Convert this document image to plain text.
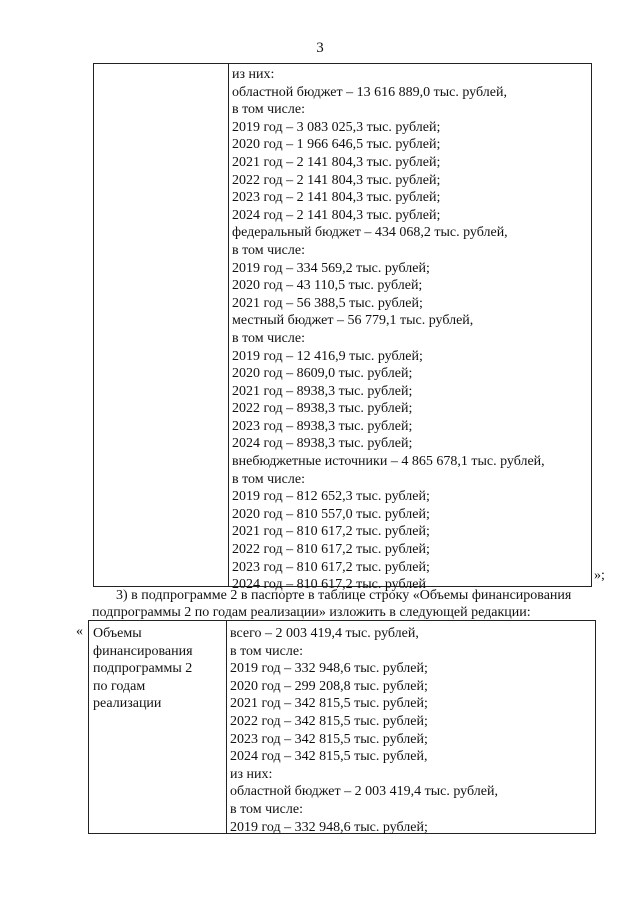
3
из них:
областной бюджет – 13 616 889,0 тыс. рублей,
в том числе:
2019 год – 3 083 025,3 тыс. рублей;
2020 год – 1 966 646,5 тыс. рублей;
2021 год – 2 141 804,3 тыс. рублей;
2022 год – 2 141 804,3 тыс. рублей;
2023 год – 2 141 804,3 тыс. рублей;
2024 год – 2 141 804,3 тыс. рублей;
федеральный бюджет – 434 068,2 тыс. рублей,
в том числе:
2019 год – 334 569,2 тыс. рублей;
2020 год – 43 110,5 тыс. рублей;
2021 год – 56 388,5 тыс. рублей;
местный бюджет – 56 779,1 тыс. рублей,
в том числе:
2019 год – 12 416,9 тыс. рублей;
2020 год – 8609,0 тыс. рублей;
2021 год – 8938,3 тыс. рублей;
2022 год – 8938,3 тыс. рублей;
2023 год – 8938,3 тыс. рублей;
2024 год – 8938,3 тыс. рублей;
внебюджетные источники – 4 865 678,1 тыс. рублей,
в том числе:
2019 год – 812 652,3 тыс. рублей;
2020 год – 810 557,0 тыс. рублей;
2021 год – 810 617,2 тыс. рублей;
2022 год – 810 617,2 тыс. рублей;
2023 год – 810 617,2 тыс. рублей;
2024 год – 810 617,2 тыс. рублей
»;
3) в подпрограмме 2 в паспорте в таблице строку «Объемы финансирования
подпрограммы 2 по годам реализации» изложить в следующей редакции:
« Объемы
финансирования
подпрограммы 2
по годам
реализации
всего – 2 003 419,4 тыс. рублей,
в том числе:
2019 год – 332 948,6 тыс. рублей;
2020 год – 299 208,8 тыс. рублей;
2021 год – 342 815,5 тыс. рублей;
2022 год – 342 815,5 тыс. рублей;
2023 год – 342 815,5 тыс. рублей;
2024 год – 342 815,5 тыс. рублей,
из них:
областной бюджет – 2 003 419,4 тыс. рублей,
в том числе:
2019 год – 332 948,6 тыс. рублей;
